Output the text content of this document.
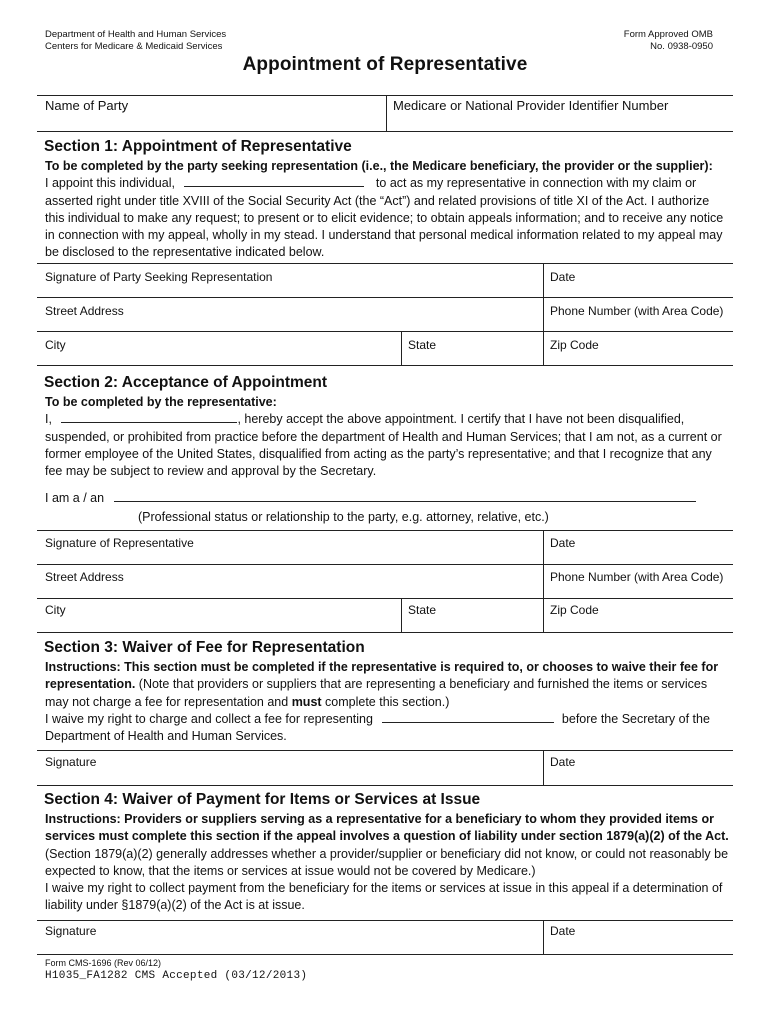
Department of Health and Human Services
Centers for Medicare & Medicaid Services
Form Approved OMB
No. 0938-0950
Appointment of Representative
Name of Party	Medicare or National Provider Identifier Number
Section 1: Appointment of Representative
To be completed by the party seeking representation (i.e., the Medicare beneficiary, the provider or the supplier):
I appoint this individual,	to act as my representative in connection with my claim or
asserted right under title XVIII of the Social Security Act (the “Act”) and related provisions of title XI of the Act. I authorize
this individual to make any request; to present or to elicit evidence; to obtain appeals information; and to receive any notice
in connection with my appeal, wholly in my stead. I understand that personal medical information related to my appeal may
be disclosed to the representative indicated below.
Signature of Party Seeking Representation	Date
Street Address	Phone Number (with Area Code)
City	State	Zip Code
Section 2: Acceptance of Appointment
To be completed by the representative:
I,	, hereby accept the above appointment. I certify that I have not been disqualified,
suspended, or prohibited from practice before the department of Health and Human Services; that I am not, as a current or
former employee of the United States, disqualified from acting as the party’s representative; and that I recognize that any
fee may be subject to review and approval by the Secretary.
I am a / an
(Professional status or relationship to the party, e.g. attorney, relative, etc.)
Signature of Representative	Date
Street Address	Phone Number (with Area Code)
City	State	Zip Code
Section 3: Waiver of Fee for Representation
Instructions: This section must be completed if the representative is required to, or chooses to waive their fee for
representation. (Note that providers or suppliers that are representing a beneficiary and furnished the items or services
may not charge a fee for representation and must complete this section.)
I waive my right to charge and collect a fee for representing	before the Secretary of the
Department of Health and Human Services.
Signature	Date
Section 4: Waiver of Payment for Items or Services at Issue
Instructions: Providers or suppliers serving as a representative for a beneficiary to whom they provided items or
services must complete this section if the appeal involves a question of liability under section 1879(a)(2) of the Act.
(Section 1879(a)(2) generally addresses whether a provider/supplier or beneficiary did not know, or could not reasonably be
expected to know, that the items or services at issue would not be covered by Medicare.)
I waive my right to collect payment from the beneficiary for the items or services at issue in this appeal if a determination of
liability under §1879(a)(2) of the Act is at issue.
Signature	Date
Form CMS-1696 (Rev 06/12)
H1035_FA1282 CMS Accepted (03/12/2013)
